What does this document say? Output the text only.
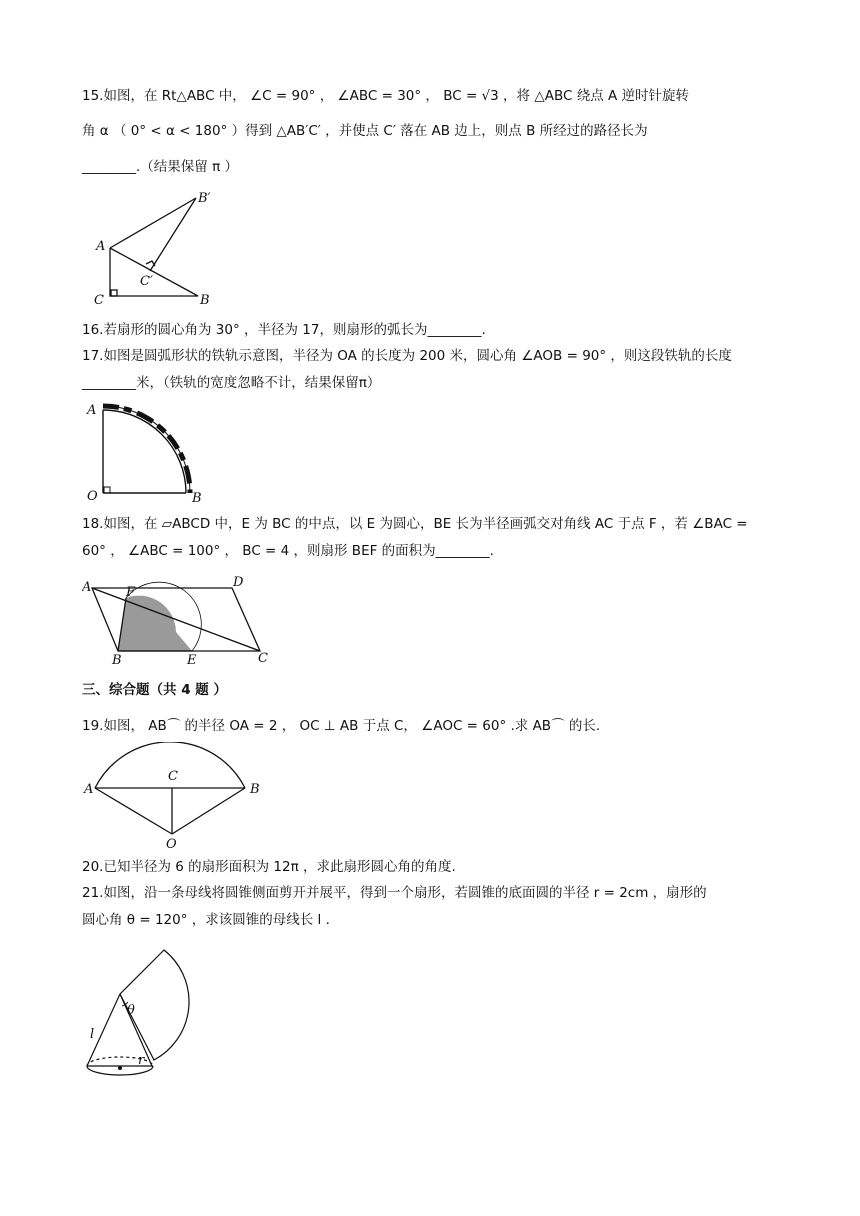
15.如图，在 Rt△ABC 中， ∠C = 90° ， ∠ABC = 30° ， BC = √3 ，将 △ABC 绕点 A 逆时针旋转
角 α （ 0° < α < 180° ）得到 △AB′C′ ，并使点 C′ 落在 AB 边上，则点 B 所经过的路径长为
________.（结果保留 π ）
A
B′
C′
C	B
16.若扇形的圆心角为 30° ，半径为 17，则扇形的弧长为________.
17.如图是圆弧形状的铁轨示意图，半径为 OA 的长度为 200 米，圆心角 ∠AOB = 90° ，则这段铁轨的长度
________米，（铁轨的宽度忽略不计，结果保留π）
A
O	B
18.如图，在 ▱ABCD 中，E 为 BC 的中点，以 E 为圆心，BE 长为半径画弧交对角线 AC 于点 F ，若 ∠BAC =
60° ， ∠ABC = 100° ， BC = 4 ，则扇形 BEF 的面积为________.
A	D
F
B	E	C
三、综合题（共 4 题 ）
19.如图， AB⌒ 的半径 OA = 2 ， OC ⊥ AB 于点 C， ∠AOC = 60° .求 AB⌒ 的长.
A
C
B
O
20.已知半径为 6 的扇形面积为 12π ，求此扇形圆心角的角度.
21.如图，沿一条母线将圆锥侧面剪开并展平，得到一个扇形，若圆锥的底面圆的半径 r = 2cm ，扇形的
圆心角 θ = 120° ，求该圆锥的母线长 l .
θ
l
r
